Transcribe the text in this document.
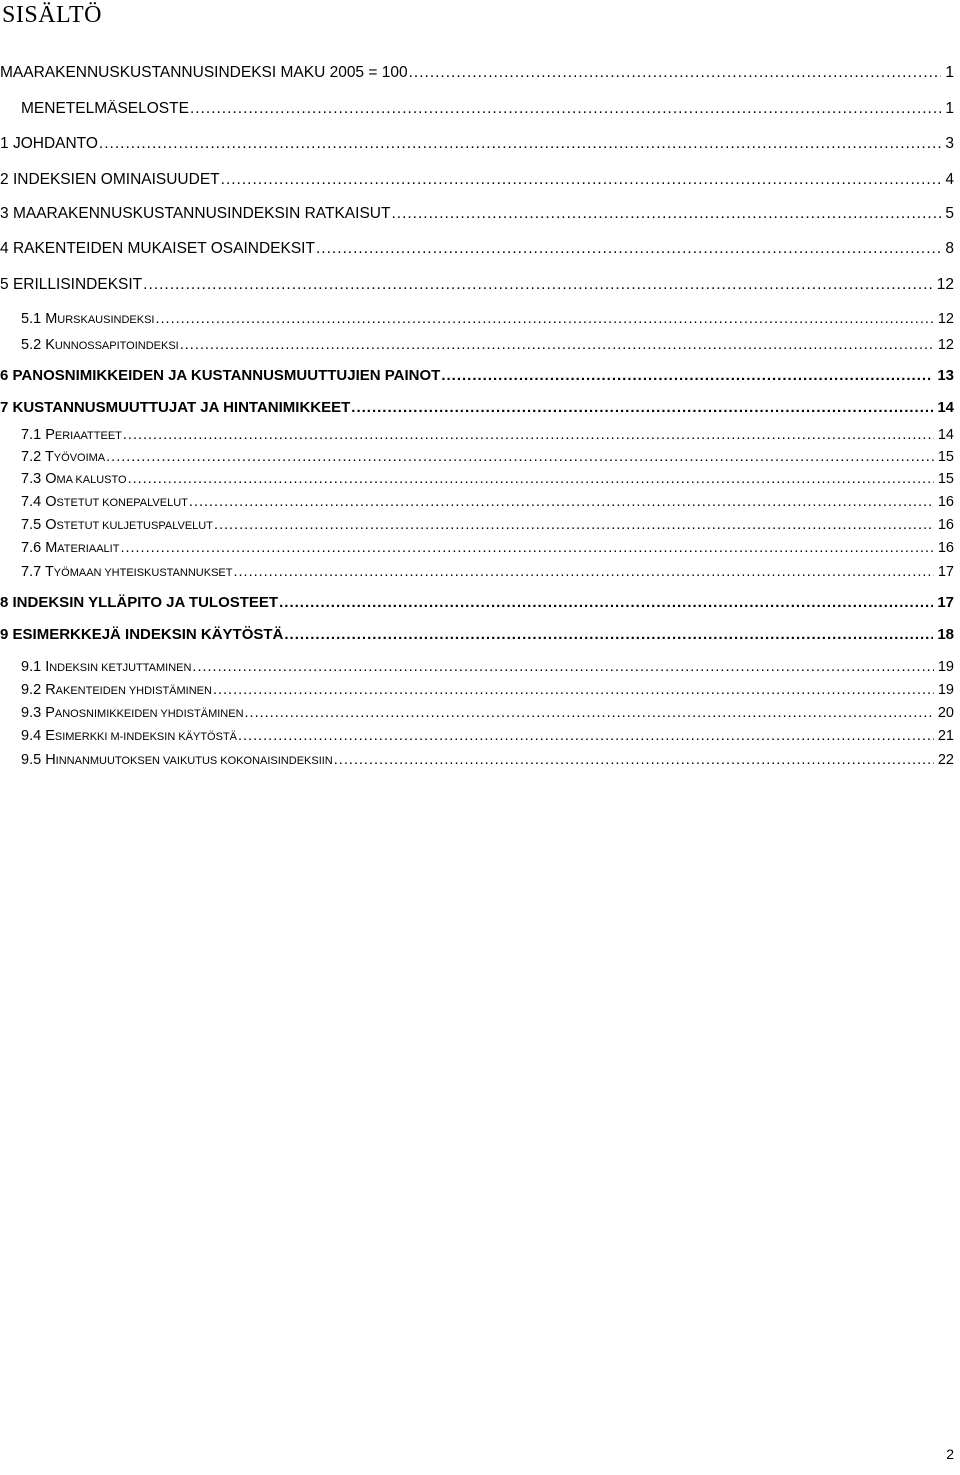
SISÄLTÖ
MAARAKENNUSKUSTANNUSINDEKSI MAKU 2005 = 100 .....	1
MENETELMÄSELOSTE .....	1
1 JOHDANTO .....	3
2 INDEKSIEN OMINAISUUDET .....	4
3 MAARAKENNUSKUSTANNUSINDEKSIN RATKAISUT .....	5
4 RAKENTEIDEN MUKAISET OSAINDEKSIT .....	8
5 ERILLISINDEKSIT .....	12
5.1 MURSKAUSINDEKSI .....	12
5.2 KUNNOSSAPITOINDEKSI .....	12
6 PANOSNIMIKKEIDEN JA KUSTANNUSMUUTTUJIEN PAINOT .....	13
7 KUSTANNUSMUUTTUJAT JA HINTANIMIKKEET .....	14
7.1 PERIAATTEET .....	14
7.2 TYÖVOIMA .....	15
7.3 OMA KALUSTO .....	15
7.4 OSTETUT KONEPALVELUT .....	16
7.5 OSTETUT KULJETUSPALVELUT .....	16
7.6 MATERIAALIT .....	16
7.7 TYÖMAAN YHTEISKUSTANNUKSET .....	17
8 INDEKSIN YLLÄPITO JA TULOSTEET .....	17
9 ESIMERKKEJÄ INDEKSIN KÄYTÖSTÄ .....	18
9.1 INDEKSIN KETJUTTAMINEN .....	19
9.2 RAKENTEIDEN YHDISTÄMINEN .....	19
9.3 PANOSNIMIKKEIDEN YHDISTÄMINEN .....	20
9.4 ESIMERKKI M-INDEKSIN KÄYTÖSTÄ .....	21
9.5 HINNANMUUTOKSEN VAIKUTUS KOKONAISINDEKSIIN .....	22
2
